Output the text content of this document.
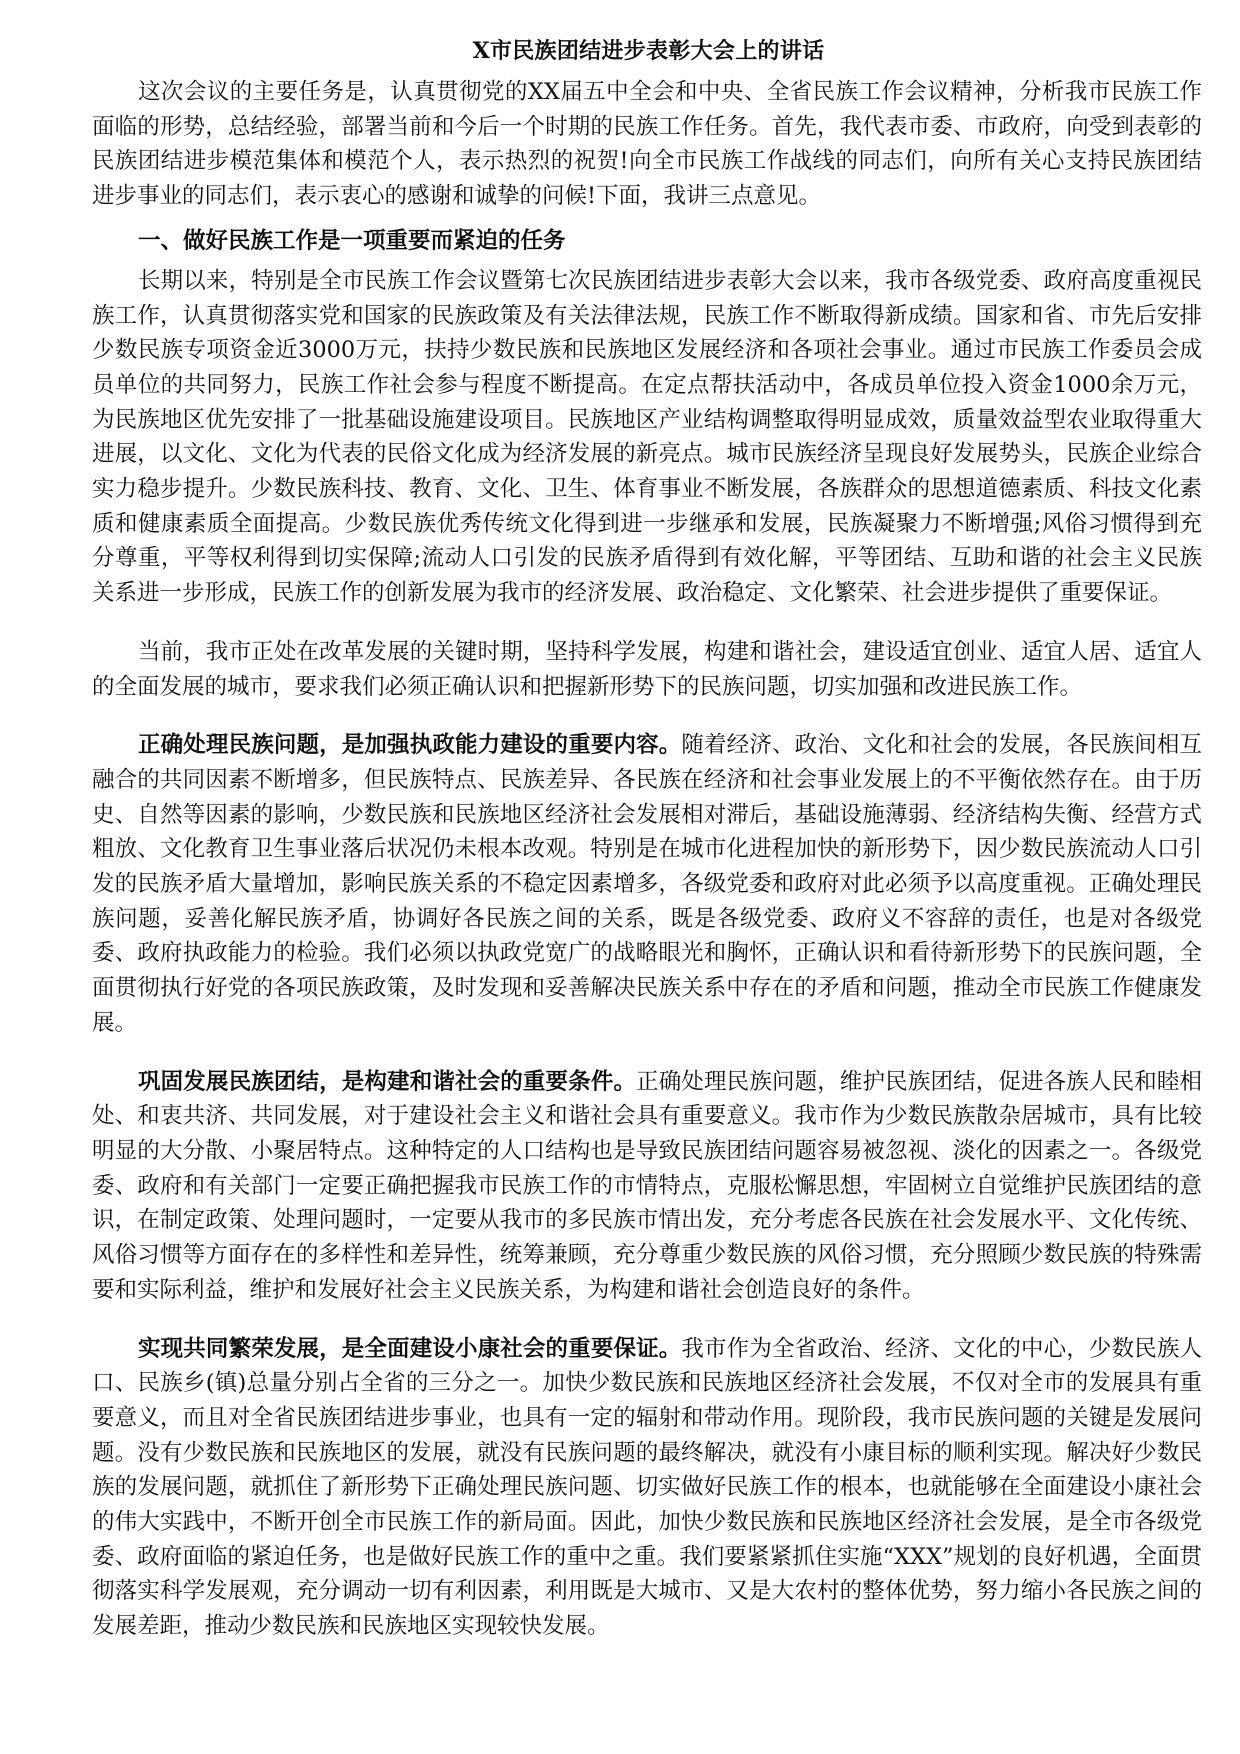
X市民族团结进步表彰大会上的讲话

这次会议的主要任务是，认真贯彻党的XX届五中全会和中央、全省民族工作会议精神，分析我市民族工作面临的形势，总结经验，部署当前和今后一个时期的民族工作任务。首先，我代表市委、市政府，向受到表彰的民族团结进步模范集体和模范个人，表示热烈的祝贺!向全市民族工作战线的同志们，向所有关心支持民族团结进步事业的同志们，表示衷心的感谢和诚挚的问候!下面，我讲三点意见。

一、做好民族工作是一项重要而紧迫的任务

长期以来，特别是全市民族工作会议暨第七次民族团结进步表彰大会以来，我市各级党委、政府高度重视民族工作，认真贯彻落实党和国家的民族政策及有关法律法规，民族工作不断取得新成绩。国家和省、市先后安排少数民族专项资金近3000万元，扶持少数民族和民族地区发展经济和各项社会事业。通过市民族工作委员会成员单位的共同努力，民族工作社会参与程度不断提高。在定点帮扶活动中，各成员单位投入资金1000余万元，为民族地区优先安排了一批基础设施建设项目。民族地区产业结构调整取得明显成效，质量效益型农业取得重大进展，以文化、文化为代表的民俗文化成为经济发展的新亮点。城市民族经济呈现良好发展势头，民族企业综合实力稳步提升。少数民族科技、教育、文化、卫生、体育事业不断发展，各族群众的思想道德素质、科技文化素质和健康素质全面提高。少数民族优秀传统文化得到进一步继承和发展，民族凝聚力不断增强;风俗习惯得到充分尊重，平等权利得到切实保障;流动人口引发的民族矛盾得到有效化解，平等团结、互助和谐的社会主义民族关系进一步形成，民族工作的创新发展为我市的经济发展、政治稳定、文化繁荣、社会进步提供了重要保证。

当前，我市正处在改革发展的关键时期，坚持科学发展，构建和谐社会，建设适宜创业、适宜人居、适宜人的全面发展的城市，要求我们必须正确认识和把握新形势下的民族问题，切实加强和改进民族工作。

正确处理民族问题，是加强执政能力建设的重要内容。随着经济、政治、文化和社会的发展，各民族间相互融合的共同因素不断增多，但民族特点、民族差异、各民族在经济和社会事业发展上的不平衡依然存在。由于历史、自然等因素的影响，少数民族和民族地区经济社会发展相对滞后，基础设施薄弱、经济结构失衡、经营方式粗放、文化教育卫生事业落后状况仍未根本改观。特别是在城市化进程加快的新形势下，因少数民族流动人口引发的民族矛盾大量增加，影响民族关系的不稳定因素增多，各级党委和政府对此必须予以高度重视。正确处理民族问题，妥善化解民族矛盾，协调好各民族之间的关系，既是各级党委、政府义不容辞的责任，也是对各级党委、政府执政能力的检验。我们必须以执政党宽广的战略眼光和胸怀，正确认识和看待新形势下的民族问题，全面贯彻执行好党的各项民族政策，及时发现和妥善解决民族关系中存在的矛盾和问题，推动全市民族工作健康发展。

巩固发展民族团结，是构建和谐社会的重要条件。正确处理民族问题，维护民族团结，促进各族人民和睦相处、和衷共济、共同发展，对于建设社会主义和谐社会具有重要意义。我市作为少数民族散杂居城市，具有比较明显的大分散、小聚居特点。这种特定的人口结构也是导致民族团结问题容易被忽视、淡化的因素之一。各级党委、政府和有关部门一定要正确把握我市民族工作的市情特点，克服松懈思想，牢固树立自觉维护民族团结的意识，在制定政策、处理问题时，一定要从我市的多民族市情出发，充分考虑各民族在社会发展水平、文化传统、风俗习惯等方面存在的多样性和差异性，统筹兼顾，充分尊重少数民族的风俗习惯，充分照顾少数民族的特殊需要和实际利益，维护和发展好社会主义民族关系，为构建和谐社会创造良好的条件。

实现共同繁荣发展，是全面建设小康社会的重要保证。我市作为全省政治、经济、文化的中心，少数民族人口、民族乡(镇)总量分别占全省的三分之一。加快少数民族和民族地区经济社会发展，不仅对全市的发展具有重要意义，而且对全省民族团结进步事业，也具有一定的辐射和带动作用。现阶段，我市民族问题的关键是发展问题。没有少数民族和民族地区的发展，就没有民族问题的最终解决，就没有小康目标的顺利实现。解决好少数民族的发展问题，就抓住了新形势下正确处理民族问题、切实做好民族工作的根本，也就能够在全面建设小康社会的伟大实践中，不断开创全市民族工作的新局面。因此，加快少数民族和民族地区经济社会发展，是全市各级党委、政府面临的紧迫任务，也是做好民族工作的重中之重。我们要紧紧抓住实施“XXX”规划的良好机遇，全面贯彻落实科学发展观，充分调动一切有利因素，利用既是大城市、又是大农村的整体优势，努力缩小各民族之间的发展差距，推动少数民族和民族地区实现较快发展。
